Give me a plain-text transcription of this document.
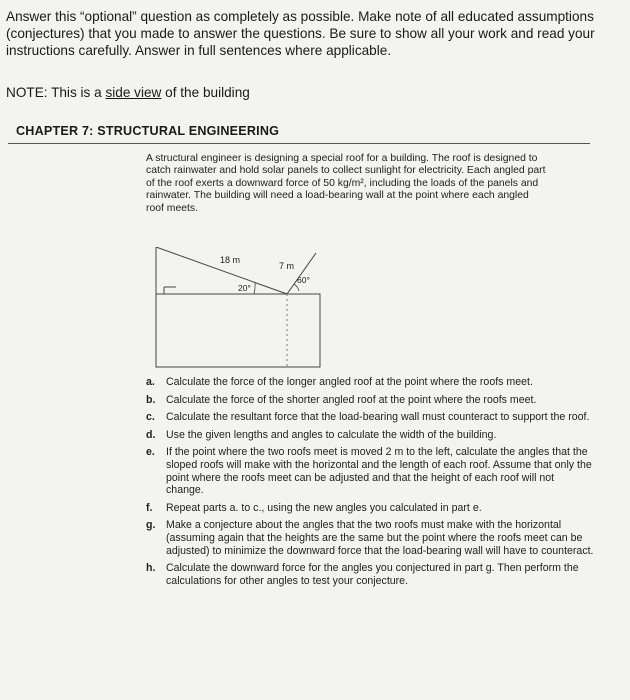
Answer this “optional” question as completely as possible. Make note of all educated assumptions (conjectures) that you made to answer the questions. Be sure to show all your work and read your instructions carefully. Answer in full sentences where applicable.
NOTE: This is a side view of the building
CHAPTER 7: STRUCTURAL ENGINEERING
A structural engineer is designing a special roof for a building. The roof is designed to catch rainwater and hold solar panels to collect sunlight for electricity. Each angled part of the roof exerts a downward force of 50 kg/m², including the loads of the panels and rainwater. The building will need a load-bearing wall at the point where each angled roof meets.
18 m
7 m
20°
60°
a. Calculate the force of the longer angled roof at the point where the roofs meet.
b. Calculate the force of the shorter angled roof at the point where the roofs meet.
c. Calculate the resultant force that the load-bearing wall must counteract to support the roof.
d. Use the given lengths and angles to calculate the width of the building.
e. If the point where the two roofs meet is moved 2 m to the left, calculate the angles that the sloped roofs will make with the horizontal and the length of each roof. Assume that only the point where the roofs meet can be adjusted and that the height of each roof will not change.
f. Repeat parts a. to c., using the new angles you calculated in part e.
g. Make a conjecture about the angles that the two roofs must make with the horizontal (assuming again that the heights are the same but the point where the roofs meet can be adjusted) to minimize the downward force that the load-bearing wall will have to counteract.
h. Calculate the downward force for the angles you conjectured in part g. Then perform the calculations for other angles to test your conjecture.
